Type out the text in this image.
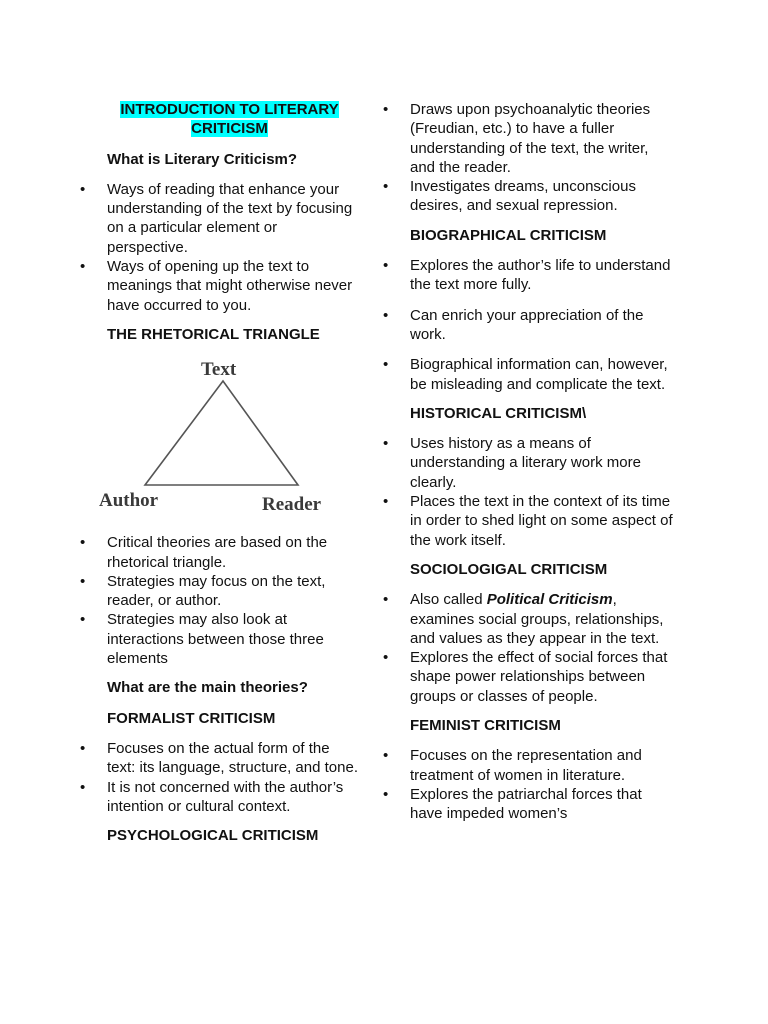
INTRODUCTION TO LITERARY
CRITICISM
What is Literary Criticism?
• Ways of reading that enhance your understanding of the text by focusing on a particular element or perspective.
• Ways of opening up the text to meanings that might otherwise never have occurred to you.
THE RHETORICAL TRIANGLE
Text
Author	Reader
• Critical theories are based on the rhetorical triangle.
• Strategies may focus on the text, reader, or author.
• Strategies may also look at interactions between those three elements
What are the main theories?
FORMALIST CRITICISM
• Focuses on the actual form of the text: its language, structure, and tone.
• It is not concerned with the author’s intention or cultural context.
PSYCHOLOGICAL CRITICISM
• Draws upon psychoanalytic theories (Freudian, etc.) to have a fuller understanding of the text, the writer, and the reader.
• Investigates dreams, unconscious desires, and sexual repression.
BIOGRAPHICAL CRITICISM
• Explores the author’s life to understand the text more fully.
• Can enrich your appreciation of the work.
• Biographical information can, however, be misleading and complicate the text.
HISTORICAL CRITICISM\
• Uses history as a means of understanding a literary work more clearly.
• Places the text in the context of its time in order to shed light on some aspect of the work itself.
SOCIOLOGIGAL CRITICISM
• Also called Political Criticism, examines social groups, relationships, and values as they appear in the text.
• Explores the effect of social forces that shape power relationships between groups or classes of people.
FEMINIST CRITICISM
• Focuses on the representation and treatment of women in literature.
• Explores the patriarchal forces that have impeded women’s
